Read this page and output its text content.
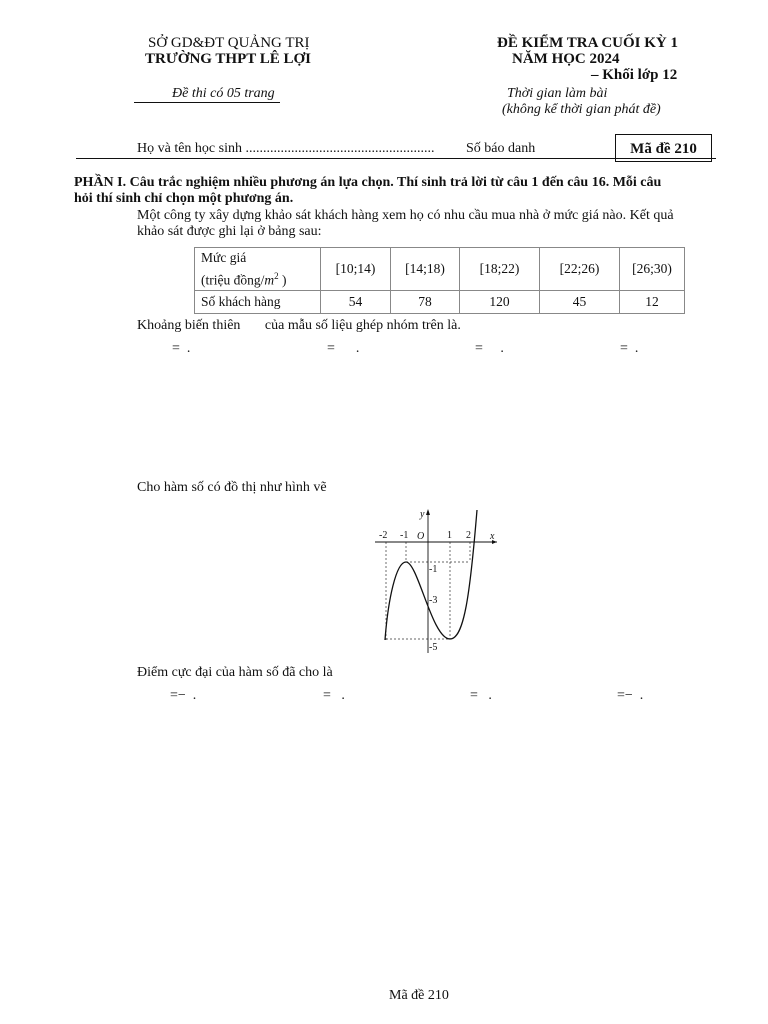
SỞ GD&ĐT QUẢNG TRỊ
TRƯỜNG THPT LÊ LỢI
Đề thi có 05 trang
ĐỀ KIỂM TRA CUỐI KỲ 1
NĂM HỌC 2024
– Khối lớp 12
Thời gian làm bài
(không kể thời gian phát đề)
Họ và tên học sinh ...................................................... Số báo danh	Mã đề 210
PHẦN I. Câu trắc nghiệm nhiều phương án lựa chọn. Thí sinh trả lời từ câu 1 đến câu 16. Mỗi câu
hỏi thí sinh chỉ chọn một phương án.
Một công ty xây dựng khảo sát khách hàng xem họ có nhu cầu mua nhà ở mức giá nào. Kết quả
khảo sát được ghi lại ở bảng sau:
Mức giá
(triệu đồng/$m^2$ )	[10;14)	[14;18)	[18;22)	[22;26)	[26;30)
Số khách hàng	54	78	120	45	12
Khoảng biến thiên       của mẫu số liệu ghép nhóm trên là.
=  .	=      .	=     .	=  .
Cho hàm số có đồ thị như hình vẽ
y
x
O
-2 -1	1 2
-1
-3
-5
Điểm cực đại của hàm số đã cho là
=−  .	=   .	=   .	=−  .
Mã đề 210
